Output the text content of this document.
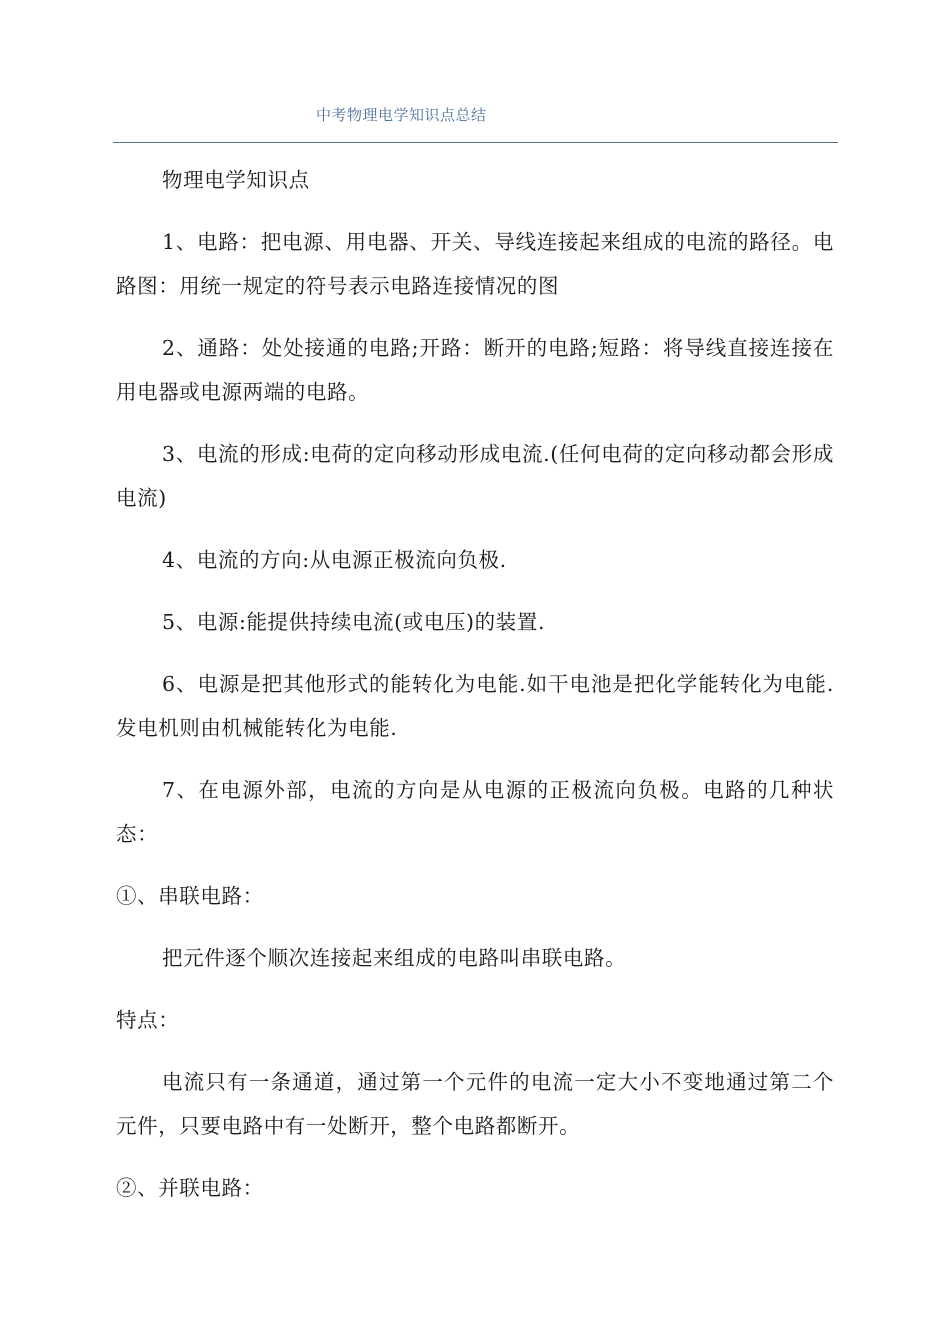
中考物理电学知识点总结

物理电学知识点

1、电路：把电源、用电器、开关、导线连接起来组成的电流的路径。电路图：用统一规定的符号表示电路连接情况的图

2、通路：处处接通的电路;开路：断开的电路;短路：将导线直接连接在用电器或电源两端的电路。

3、电流的形成:电荷的定向移动形成电流.(任何电荷的定向移动都会形成电流)

4、电流的方向:从电源正极流向负极.

5、电源:能提供持续电流(或电压)的装置.

6、电源是把其他形式的能转化为电能.如干电池是把化学能转化为电能.发电机则由机械能转化为电能.

7、在电源外部，电流的方向是从电源的正极流向负极。电路的几种状态：

①、串联电路：

把元件逐个顺次连接起来组成的电路叫串联电路。

特点：

电流只有一条通道，通过第一个元件的电流一定大小不变地通过第二个元件，只要电路中有一处断开，整个电路都断开。

②、并联电路：
